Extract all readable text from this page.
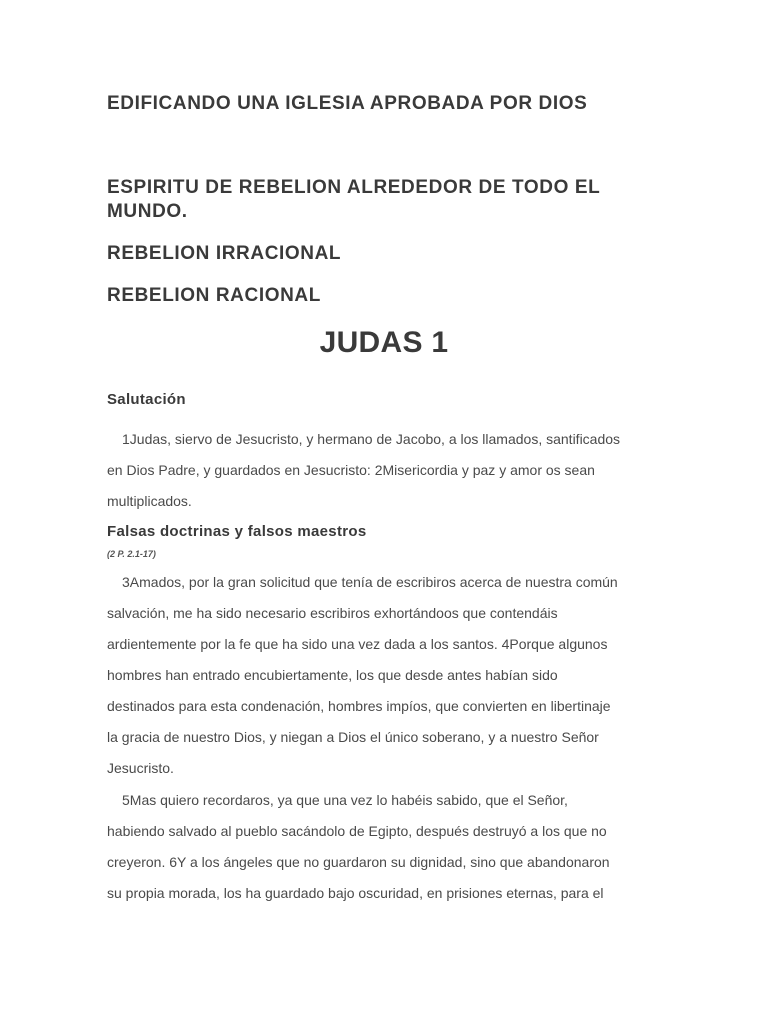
EDIFICANDO UNA IGLESIA APROBADA POR DIOS
ESPIRITU DE REBELION ALREDEDOR DE TODO EL
MUNDO.
REBELION IRRACIONAL
REBELION RACIONAL
JUDAS 1
Salutación

1Judas, siervo de Jesucristo, y hermano de Jacobo, a los llamados, santificados
en Dios Padre, y guardados en Jesucristo: 2Misericordia y paz y amor os sean
multiplicados.

Falsas doctrinas y falsos maestros

(2 P. 2.1-17)

3Amados, por la gran solicitud que tenía de escribiros acerca de nuestra común
salvación, me ha sido necesario escribiros exhortándoos que contendáis
ardientemente por la fe que ha sido una vez dada a los santos. 4Porque algunos
hombres han entrado encubiertamente, los que desde antes habían sido
destinados para esta condenación, hombres impíos, que convierten en libertinaje
la gracia de nuestro Dios, y niegan a Dios el único soberano, y a nuestro Señor
Jesucristo.

5Mas quiero recordaros, ya que una vez lo habéis sabido, que el Señor,
habiendo salvado al pueblo sacándolo de Egipto, después destruyó a los que no
creyeron. 6Y a los ángeles que no guardaron su dignidad, sino que abandonaron
su propia morada, los ha guardado bajo oscuridad, en prisiones eternas, para el
